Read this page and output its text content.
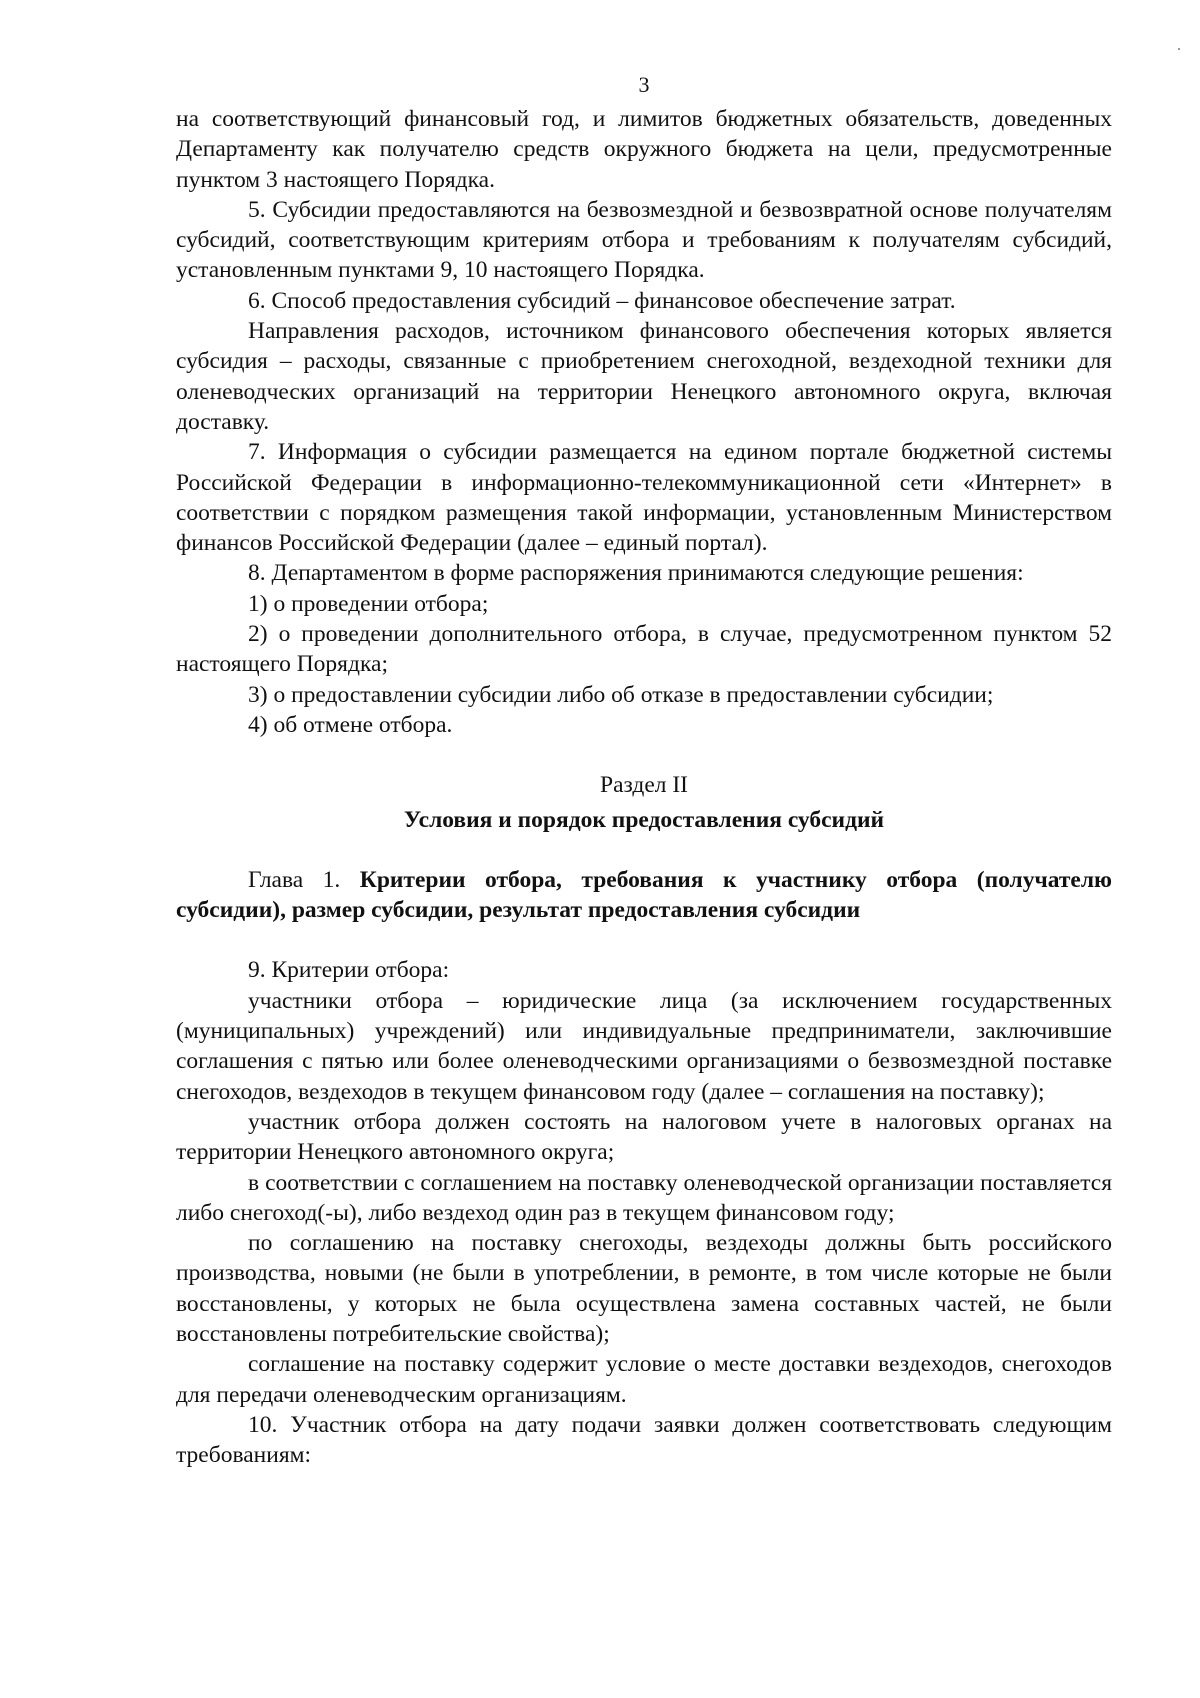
3

на соответствующий финансовый год, и лимитов бюджетных обязательств, доведенных Департаменту как получателю средств окружного бюджета на цели, предусмотренные пунктом 3 настоящего Порядка.

5. Субсидии предоставляются на безвозмездной и безвозвратной основе получателям субсидий, соответствующим критериям отбора и требованиям к получателям субсидий, установленным пунктами 9, 10 настоящего Порядка.

6. Способ предоставления субсидий – финансовое обеспечение затрат.

Направления расходов, источником финансового обеспечения которых является субсидия – расходы, связанные с приобретением снегоходной, вездеходной техники для оленеводческих организаций на территории Ненецкого автономного округа, включая доставку.

7. Информация о субсидии размещается на едином портале бюджетной системы Российской Федерации в информационно-телекоммуникационной сети «Интернет» в соответствии с порядком размещения такой информации, установленным Министерством финансов Российской Федерации (далее – единый портал).

8. Департаментом в форме распоряжения принимаются следующие решения:

1) о проведении отбора;

2) о проведении дополнительного отбора, в случае, предусмотренном пунктом 52 настоящего Порядка;

3) о предоставлении субсидии либо об отказе в предоставлении субсидии;

4) об отмене отбора.

Раздел II
Условия и порядок предоставления субсидий
Глава 1. Критерии отбора, требования к участнику отбора (получателю субсидии), размер субсидии, результат предоставления субсидии

9. Критерии отбора:

участники отбора – юридические лица (за исключением государственных (муниципальных) учреждений) или индивидуальные предприниматели, заключившие соглашения с пятью или более оленеводческими организациями о безвозмездной поставке снегоходов, вездеходов в текущем финансовом году (далее – соглашения на поставку);

участник отбора должен состоять на налоговом учете в налоговых органах на территории Ненецкого автономного округа;

в соответствии с соглашением на поставку оленеводческой организации поставляется либо снегоход(-ы), либо вездеход один раз в текущем финансовом году;

по соглашению на поставку снегоходы, вездеходы должны быть российского производства, новыми (не были в употреблении, в ремонте, в том числе которые не были восстановлены, у которых не была осуществлена замена составных частей, не были восстановлены потребительские свойства);

соглашение на поставку содержит условие о месте доставки вездеходов, снегоходов для передачи оленеводческим организациям.

10. Участник отбора на дату подачи заявки должен соответствовать следующим требованиям:
